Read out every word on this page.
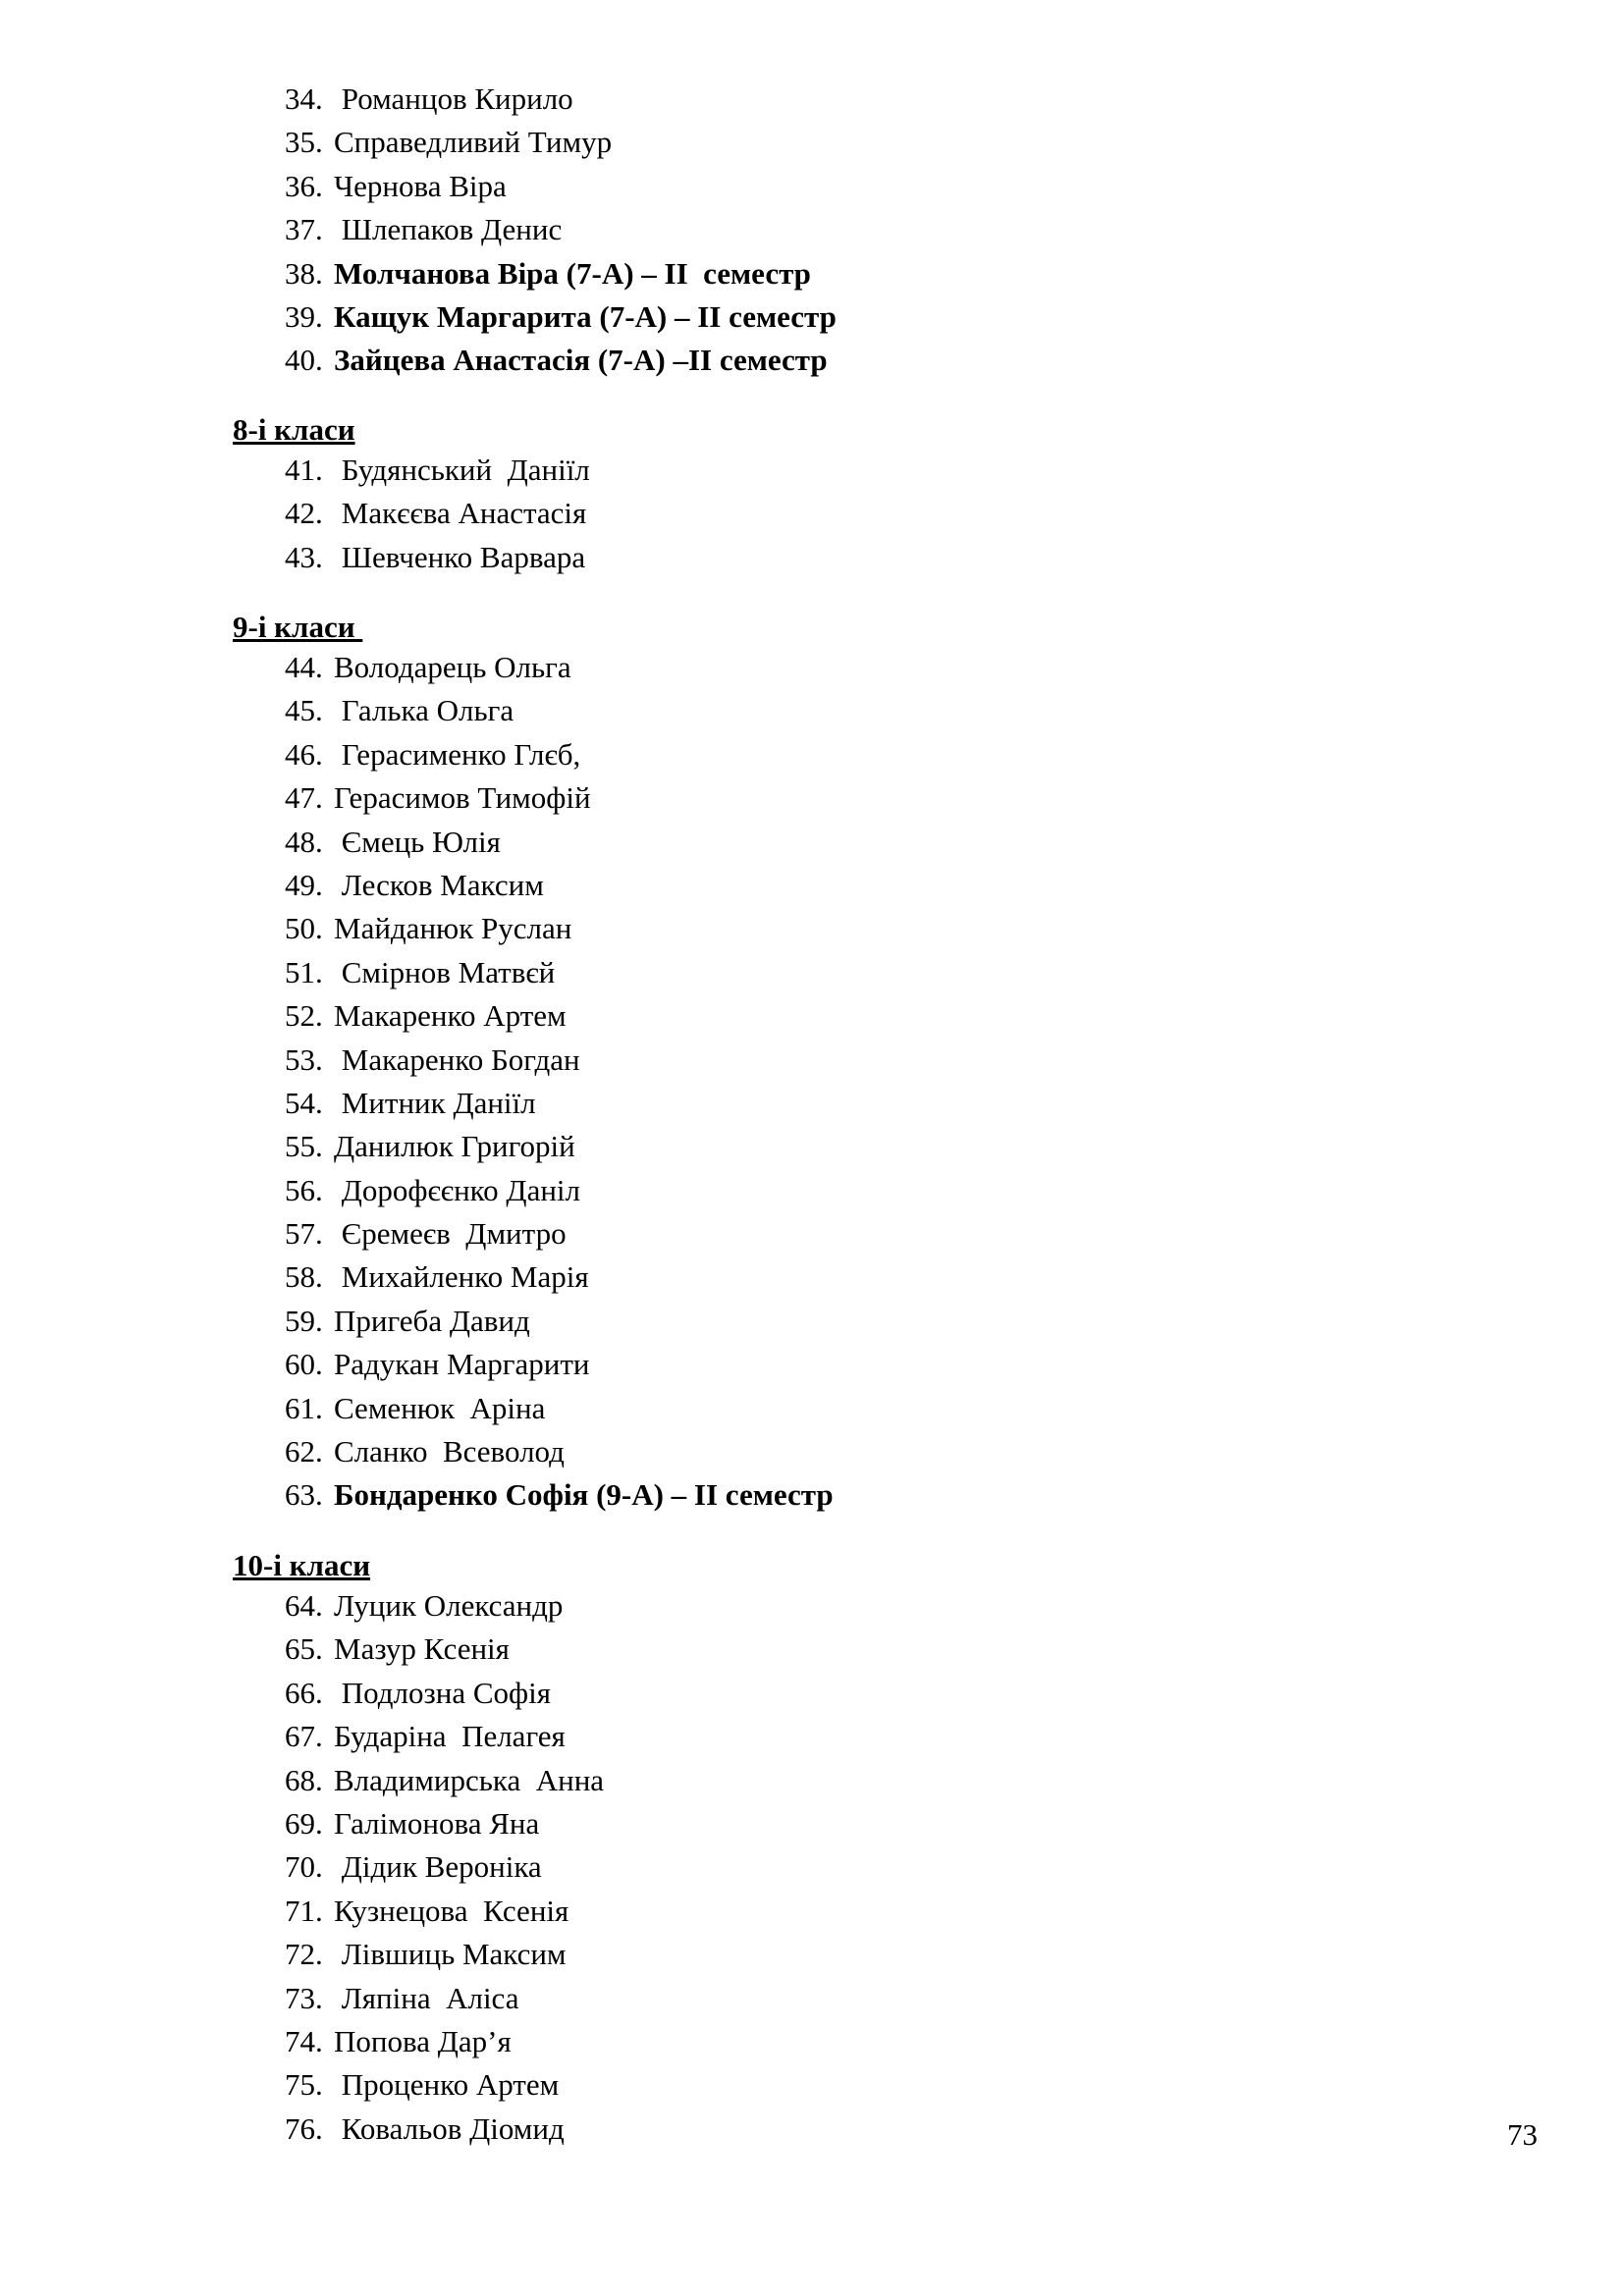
34. Романцов Кирило
35. Справедливий Тимур
36. Чернова Віра
37. Шлепаков Денис
38. Молчанова Віра (7-А) – ІІ  семестр
39. Кащук Маргарита (7-А) – ІІ семестр
40. Зайцева Анастасія (7-А) –ІІ семестр
8-і класи
41. Будянський  Даніїл
42. Макєєва Анастасія
43. Шевченко Варвара
9-і класи
44. Володарець Ольга
45. Галька Ольга
46. Герасименко Глєб,
47. Герасимов Тимофій
48. Ємець Юлія
49. Лесков Максим
50. Майданюк Руслан
51. Смірнов Матвєй
52. Макаренко Артем
53. Макаренко Богдан
54. Митник Даніїл
55. Данилюк Григорій
56. Дорофєєнко Даніл
57. Єремеєв  Дмитро
58. Михайленко Марія
59. Пригеба Давид
60. Радукан Маргарити
61. Семенюк  Аріна
62. Сланко  Всеволод
63. Бондаренко Софія (9-А) – ІІ семестр
10-і класи
64. Луцик Олександр
65. Мазур Ксенія
66. Подлозна Софія
67. Бударіна  Пелагея
68. Владимирська  Анна
69. Галімонова Яна
70. Дідик Вероніка
71. Кузнецова  Ксенія
72. Лівшиць Максим
73. Ляпіна  Аліса
74. Попова Дар’я
75. Проценко Артем
76. Ковальов Діомид	73
